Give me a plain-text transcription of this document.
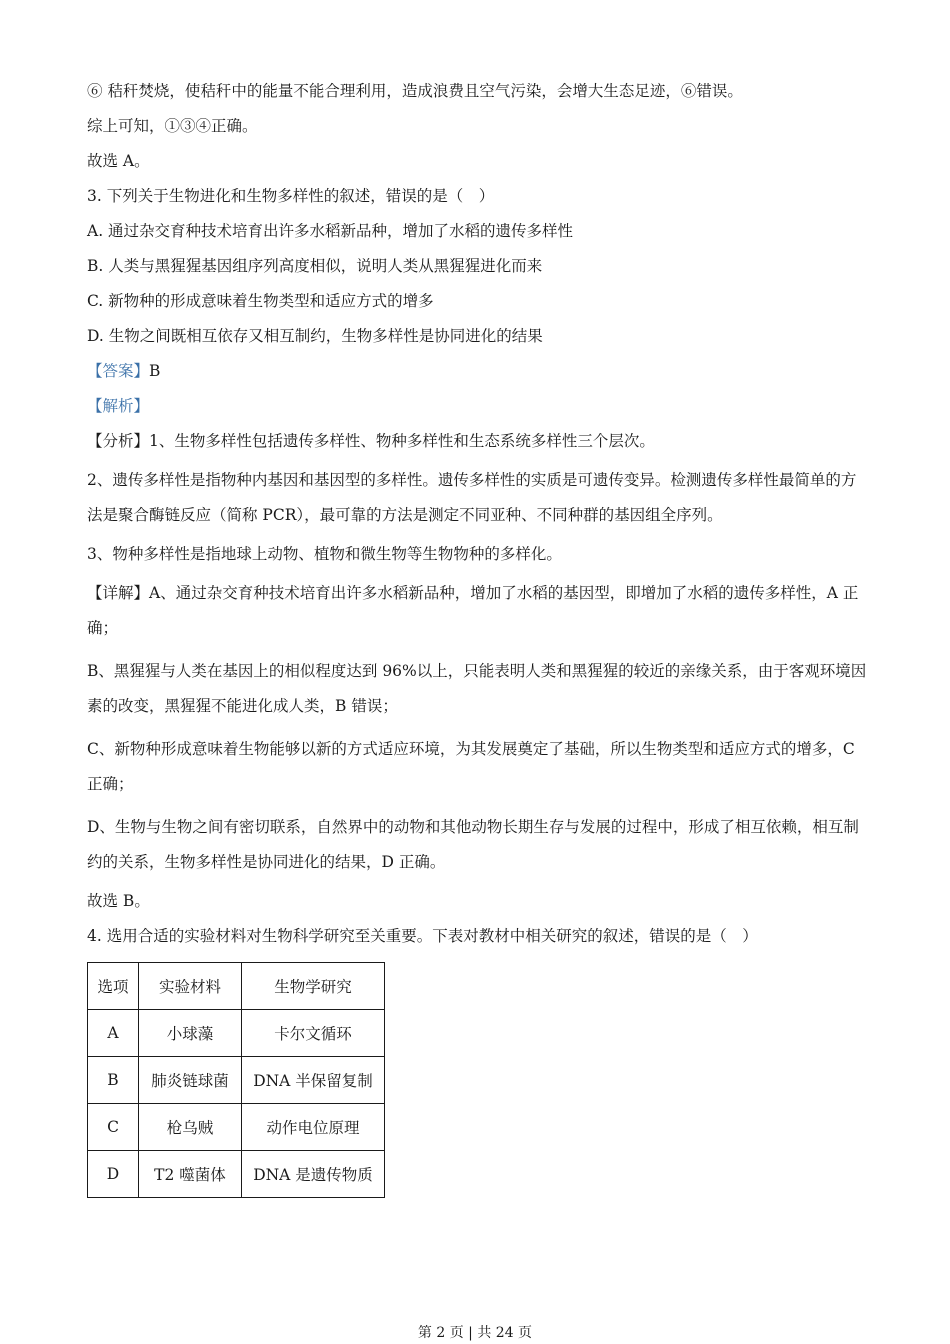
⑥ 秸秆焚烧，使秸秆中的能量不能合理利用，造成浪费且空气污染，会增大生态足迹，⑥错误。

综上可知，①③④正确。

故选 A。

3. 下列关于生物进化和生物多样性的叙述，错误的是（　）

A. 通过杂交育种技术培育出许多水稻新品种，增加了水稻的遗传多样性

B. 人类与黑猩猩基因组序列高度相似，说明人类从黑猩猩进化而来

C. 新物种的形成意味着生物类型和适应方式的增多

D. 生物之间既相互依存又相互制约，生物多样性是协同进化的结果

【答案】B

【解析】

【分析】1、生物多样性包括遗传多样性、物种多样性和生态系统多样性三个层次。

2、遗传多样性是指物种内基因和基因型的多样性。遗传多样性的实质是可遗传变异。检测遗传多样性最简单的方法是聚合酶链反应（简称 PCR），最可靠的方法是测定不同亚种、不同种群的基因组全序列。

3、物种多样性是指地球上动物、植物和微生物等生物物种的多样化。

【详解】A、通过杂交育种技术培育出许多水稻新品种，增加了水稻的基因型，即增加了水稻的遗传多样性，A 正确；

B、黑猩猩与人类在基因上的相似程度达到 96%以上，只能表明人类和黑猩猩的较近的亲缘关系，由于客观环境因素的改变，黑猩猩不能进化成人类，B 错误；

C、新物种形成意味着生物能够以新的方式适应环境，为其发展奠定了基础，所以生物类型和适应方式的增多，C 正确；

D、生物与生物之间有密切联系，自然界中的动物和其他动物长期生存与发展的过程中，形成了相互依赖，相互制约的关系，生物多样性是协同进化的结果，D 正确。

故选 B。

4. 选用合适的实验材料对生物科学研究至关重要。下表对教材中相关研究的叙述，错误的是（　）

选项	实验材料	生物学研究
A	小球藻	卡尔文循环
B	肺炎链球菌	DNA 半保留复制
C	枪乌贼	动作电位原理
D	T2 噬菌体	DNA 是遗传物质
第 2 页 | 共 24 页
